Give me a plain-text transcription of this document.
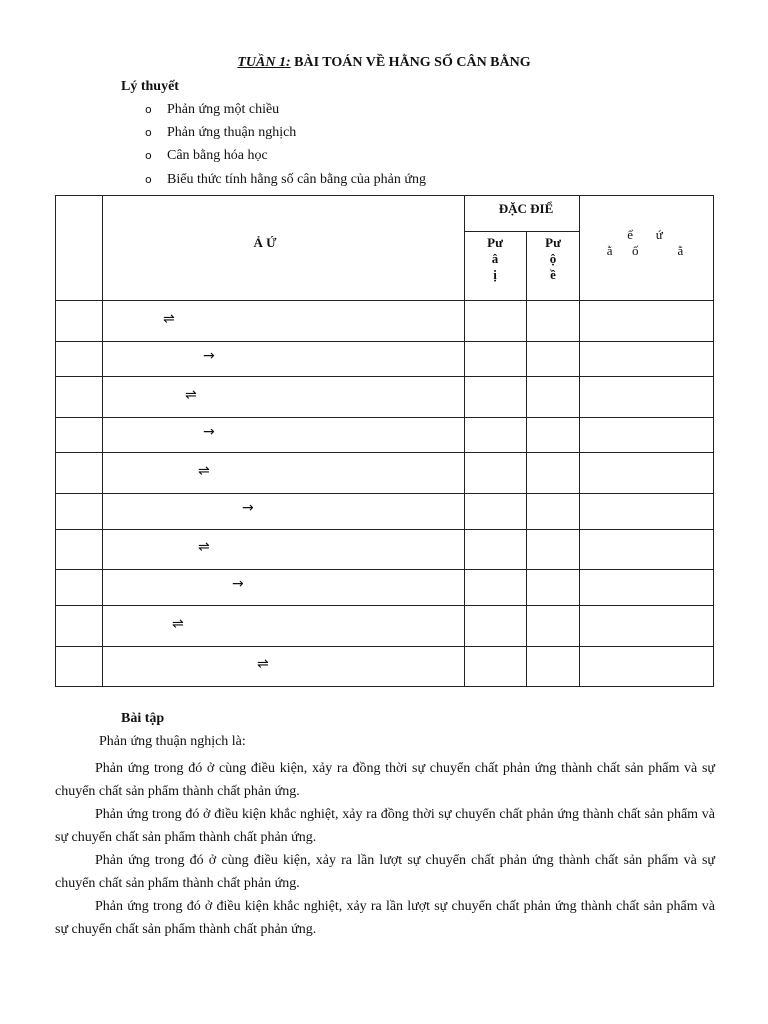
TUẦN 1: BÀI TOÁN VỀ HẰNG SỐ CÂN BẰNG
Lý thuyết
o Phản ứng một chiều
o Phản ứng thuận nghịch
o Cân bằng hóa học
o Biểu thức tính hằng số cân bằng của phản ứng
ĐẶC ĐIỂ
Ả Ứ	Pư
â
ị
Pư
ộ
ề
ể       ứ
ằ      ố            ằ
⇌
→
⇌
→
⇌
→
⇌
→
⇌
⇌
Bài tập
Phản ứng thuận nghịch là:
Phản ứng trong đó ở cùng điều kiện, xảy ra đồng thời sự chuyển chất phản ứng thành chất sản phẩm và sự chuyển chất sản phẩm thành chất phản ứng.
Phản ứng trong đó ở điều kiện khắc nghiệt, xảy ra đồng thời sự chuyển chất phản ứng thành chất sản phẩm và sự chuyển chất sản phẩm thành chất phản ứng.
Phản ứng trong đó ở cùng điều kiện, xảy ra lần lượt sự chuyển chất phản ứng thành chất sản phẩm và sự chuyển chất sản phẩm thành chất phản ứng.
Phản ứng trong đó ở điều kiện khắc nghiệt, xảy ra lần lượt sự chuyển chất phản ứng thành chất sản phẩm và sự chuyển chất sản phẩm thành chất phản ứng.
